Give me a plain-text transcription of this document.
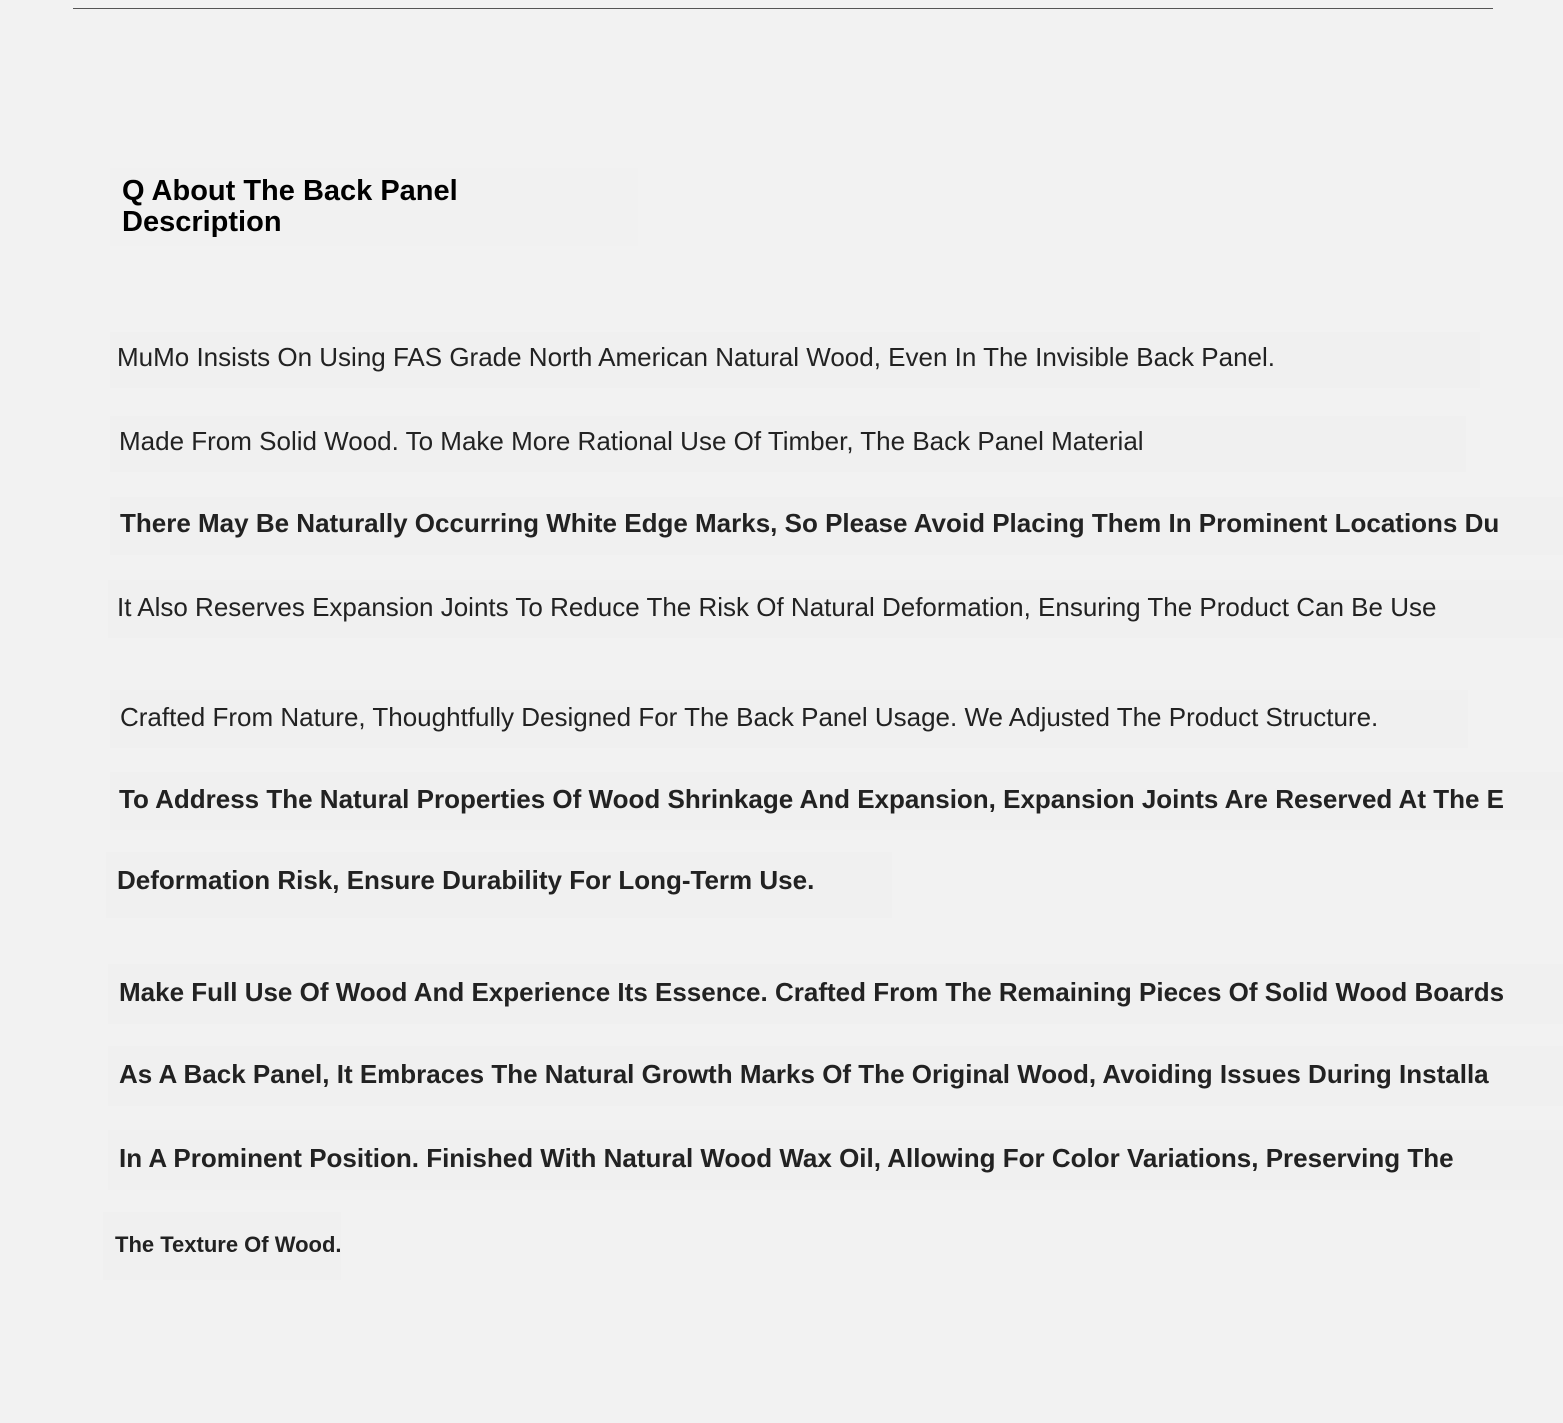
Q About The Back Panel
Description

MuMo Insists On Using FAS Grade North American Natural Wood, Even In The Invisible Back Panel.

Made From Solid Wood. To Make More Rational Use Of Timber, The Back Panel Material

There May Be Naturally Occurring White Edge Marks, So Please Avoid Placing Them In Prominent Locations Du

It Also Reserves Expansion Joints To Reduce The Risk Of Natural Deformation, Ensuring The Product Can Be Use

Crafted From Nature, Thoughtfully Designed For The Back Panel Usage. We Adjusted The Product Structure.

To Address The Natural Properties Of Wood Shrinkage And Expansion, Expansion Joints Are Reserved At The E

Deformation Risk, Ensure Durability For Long-Term Use.

Make Full Use Of Wood And Experience Its Essence. Crafted From The Remaining Pieces Of Solid Wood Boards

As A Back Panel, It Embraces The Natural Growth Marks Of The Original Wood, Avoiding Issues During Installa

In A Prominent Position. Finished With Natural Wood Wax Oil, Allowing For Color Variations, Preserving The

The Texture Of Wood.
